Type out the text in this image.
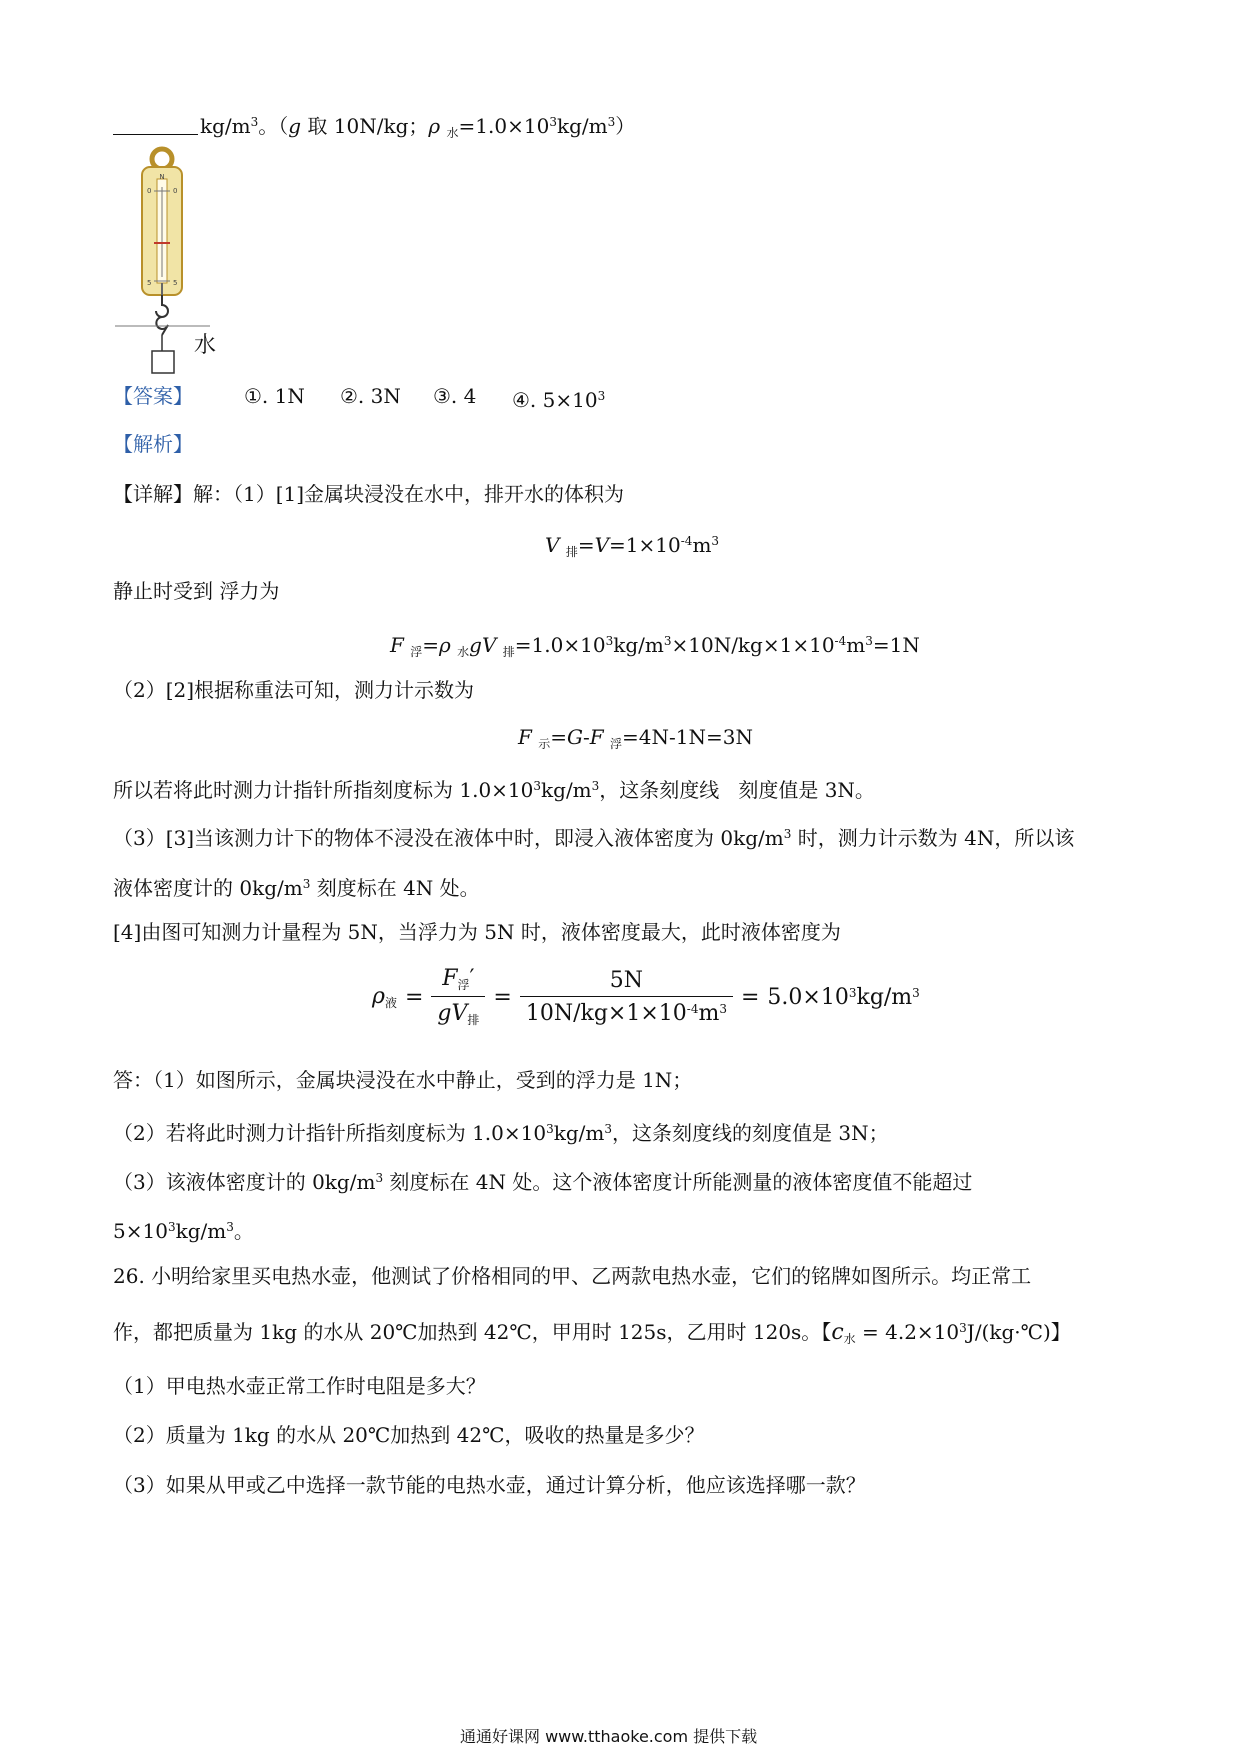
$kg/m^3$。（g 取 10N/kg；ρ $_水=1.0\times 10^3kg/m^3$）
N
0	0
5	5
水
【答案】	①. 1N ②. 3N ③. 4 ④. $5\times 10^3$
【解析】
【详解】解：（1）[1]金属块浸没在水中，排开水的体积为
V $_排=V=1\times 10^{-4}m^3$
静止时受到 浮力为
F $_浮$=ρ $_水$gV $_排=1.0\times 10^3kg/m^3\times 10N/kg\times 1\times 10^{-4}m^3=1N$
（2）[2]根据称重法可知，测力计示数为
F $_示$=G-F $_浮$=4N-1N=3N
所以若将此时测力计指针所指刻度标为 $1.0\times 10^3kg/m^3$，这条刻度线   刻度值是 3N。
（3）[3]当该测力计下的物体不浸没在液体中时，即浸入液体密度为 $0kg/m^3$ 时，测力计示数为 4N，所以该
液体密度计的 $0kg/m^3$ 刻度标在 4N 处。
[4]由图可知测力计量程为 5N，当浮力为 5N 时，液体密度最大，此时液体密度为
$\rho_液 = \frac{F_浮'}{gV_排} = \frac{5N}{10N/kg\times 1\times 10^{-4}m^3} = 5.0\times 10^3kg/m^3$
答：（1）如图所示，金属块浸没在水中静止，受到的浮力是 1N；
（2）若将此时测力计指针所指刻度标为 $1.0\times 10^3kg/m^3$，这条刻度线的刻度值是 3N；
（3）该液体密度计的 $0kg/m^3$ 刻度标在 4N 处。这个液体密度计所能测量的液体密度值不能超过
$5\times 10^3kg/m^3$。
26. 小明给家里买电热水壶，他测试了价格相同的甲、乙两款电热水壶，它们的铭牌如图所示。均正常工
作，都把质量为 1kg 的水从 20℃加热到 42℃，甲用时 125s，乙用时 120s。【$c_水$ = $4.2\times 10^3J/(kg\cdot℃)$】
（1）甲电热水壶正常工作时电阻是多大？
（2）质量为 1kg 的水从 20℃加热到 42℃，吸收的热量是多少？
（3）如果从甲或乙中选择一款节能的电热水壶，通过计算分析，他应该选择哪一款？
通通好课网 www.tthaoke.com 提供下载
